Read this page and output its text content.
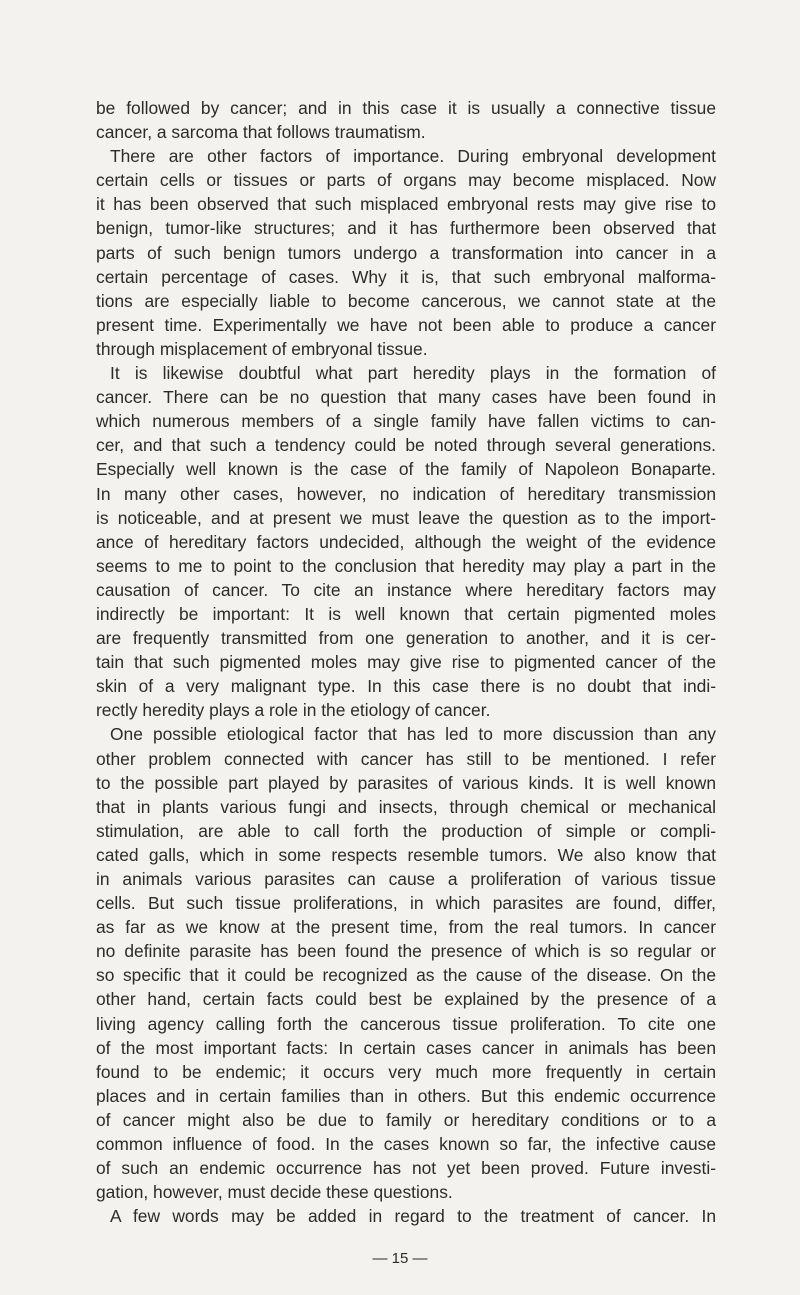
be followed by cancer; and in this case it is usually a connective tissue
cancer, a sarcoma that follows traumatism.
There are other factors of importance. During embryonal development
certain cells or tissues or parts of organs may become misplaced. Now
it has been observed that such misplaced embryonal rests may give rise to
benign, tumor-like structures; and it has furthermore been observed that
parts of such benign tumors undergo a transformation into cancer in a
certain percentage of cases. Why it is, that such embryonal malforma-
tions are especially liable to become cancerous, we cannot state at the
present time. Experimentally we have not been able to produce a cancer
through misplacement of embryonal tissue.
It is likewise doubtful what part heredity plays in the formation of
cancer. There can be no question that many cases have been found in
which numerous members of a single family have fallen victims to can-
cer, and that such a tendency could be noted through several generations.
Especially well known is the case of the family of Napoleon Bonaparte.
In many other cases, however, no indication of hereditary transmission
is noticeable, and at present we must leave the question as to the import-
ance of hereditary factors undecided, although the weight of the evidence
seems to me to point to the conclusion that heredity may play a part in the
causation of cancer. To cite an instance where hereditary factors may
indirectly be important: It is well known that certain pigmented moles
are frequently transmitted from one generation to another, and it is cer-
tain that such pigmented moles may give rise to pigmented cancer of the
skin of a very malignant type. In this case there is no doubt that indi-
rectly heredity plays a role in the etiology of cancer.
One possible etiological factor that has led to more discussion than any
other problem connected with cancer has still to be mentioned. I refer
to the possible part played by parasites of various kinds. It is well known
that in plants various fungi and insects, through chemical or mechanical
stimulation, are able to call forth the production of simple or compli-
cated galls, which in some respects resemble tumors. We also know that
in animals various parasites can cause a proliferation of various tissue
cells. But such tissue proliferations, in which parasites are found, differ,
as far as we know at the present time, from the real tumors. In cancer
no definite parasite has been found the presence of which is so regular or
so specific that it could be recognized as the cause of the disease. On the
other hand, certain facts could best be explained by the presence of a
living agency calling forth the cancerous tissue proliferation. To cite one
of the most important facts: In certain cases cancer in animals has been
found to be endemic; it occurs very much more frequently in certain
places and in certain families than in others. But this endemic occurrence
of cancer might also be due to family or hereditary conditions or to a
common influence of food. In the cases known so far, the infective cause
of such an endemic occurrence has not yet been proved. Future investi-
gation, however, must decide these questions.
A few words may be added in regard to the treatment of cancer. In
— 15 —
